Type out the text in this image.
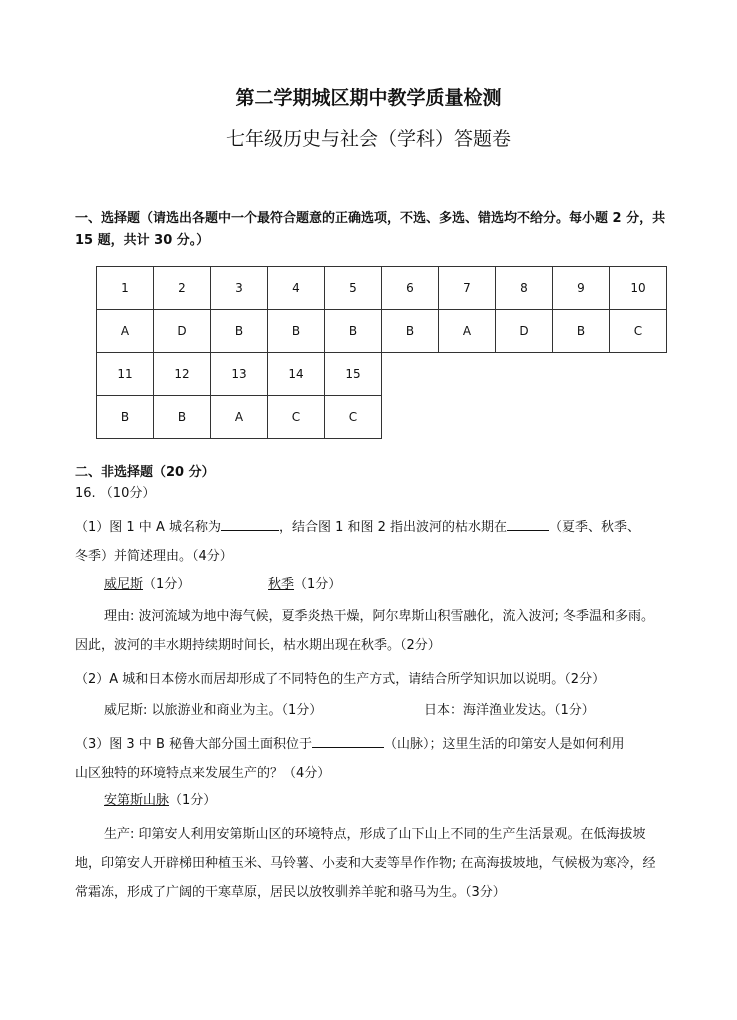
第二学期城区期中教学质量检测
七年级历史与社会（学科）答题卷
一、选择题（请选出各题中一个最符合题意的正确选项，不选、多选、错选均不给分。每小题 2 分，共 15 题，共计 30 分。）
1	2	3	4	5	6	7	8	9	10
A	D	B	B	B	B	A	D	B	C
11	12	13	14	15					
B	B	A	C	C					
二、非选择题（20 分）
16. （10分）
（1）图 1 中 A 城名称为	，结合图 1 和图 2 指出波河的枯水期在	（夏季、秋季、
冬季）并简述理由。（4分）
威尼斯（1分）	秋季（1分）
理由: 波河流域为地中海气候，夏季炎热干燥，阿尔卑斯山积雪融化，流入波河; 冬季温和多雨。因此，波河的丰水期持续期时间长，枯水期出现在秋季。（2分）
（2）A 城和日本傍水而居却形成了不同特色的生产方式，请结合所学知识加以说明。（2分）
威尼斯: 以旅游业和商业为主。（1分）	日本：海洋渔业发达。（1分）
（3）图 3 中 B 秘鲁大部分国土面积位于	（山脉）；这里生活的印第安人是如何利用
山区独特的环境特点来发展生产的？（4分）
安第斯山脉（1分）
生产: 印第安人利用安第斯山区的环境特点，形成了山下山上不同的生产生活景观。在低海拔坡地，印第安人开辟梯田种植玉米、马铃薯、小麦和大麦等旱作作物; 在高海拔坡地，气候极为寒冷，经常霜冻，形成了广阔的干寒草原，居民以放牧驯养羊驼和骆马为生。（3分）
